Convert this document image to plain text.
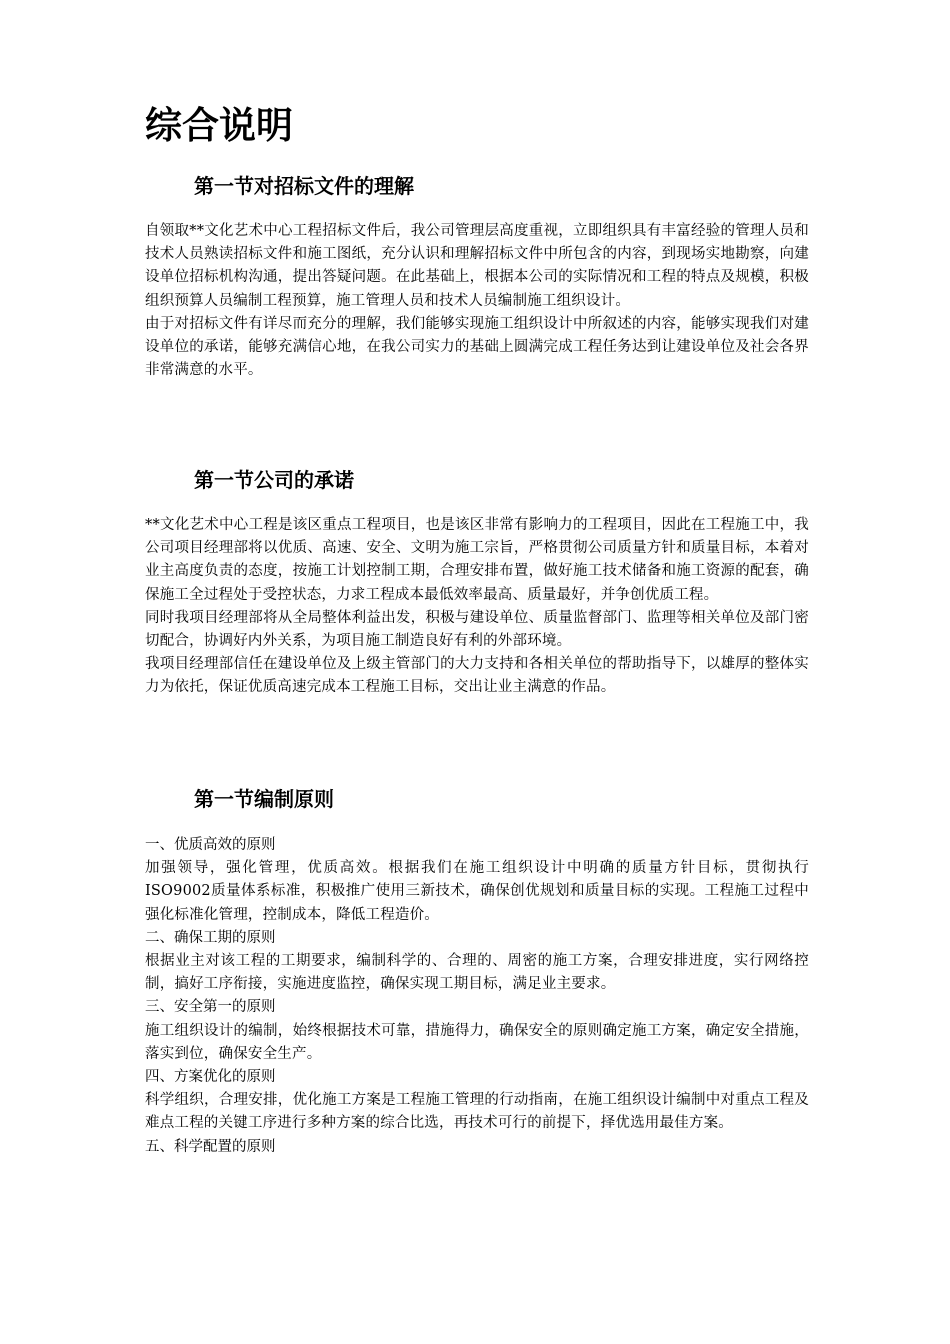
综合说明
第一节对招标文件的理解

自领取**文化艺术中心工程招标文件后，我公司管理层高度重视，立即组织具有丰富经验的管理人员和技术人员熟读招标文件和施工图纸，充分认识和理解招标文件中所包含的内容，到现场实地勘察，向建设单位招标机构沟通，提出答疑问题。在此基础上，根据本公司的实际情况和工程的特点及规模，积极组织预算人员编制工程预算，施工管理人员和技术人员编制施工组织设计。

由于对招标文件有详尽而充分的理解，我们能够实现施工组织设计中所叙述的内容，能够实现我们对建设单位的承诺，能够充满信心地，在我公司实力的基础上圆满完成工程任务达到让建设单位及社会各界非常满意的水平。

第一节公司的承诺

**文化艺术中心工程是该区重点工程项目，也是该区非常有影响力的工程项目，因此在工程施工中，我公司项目经理部将以优质、高速、安全、文明为施工宗旨，严格贯彻公司质量方针和质量目标，本着对业主高度负责的态度，按施工计划控制工期，合理安排布置，做好施工技术储备和施工资源的配套，确保施工全过程处于受控状态，力求工程成本最低效率最高、质量最好，并争创优质工程。

同时我项目经理部将从全局整体利益出发，积极与建设单位、质量监督部门、监理等相关单位及部门密切配合，协调好内外关系，为项目施工制造良好有利的外部环境。

我项目经理部信任在建设单位及上级主管部门的大力支持和各相关单位的帮助指导下，以雄厚的整体实力为依托，保证优质高速完成本工程施工目标，交出让业主满意的作品。

第一节编制原则

一、优质高效的原则

加强领导，强化管理，优质高效。根据我们在施工组织设计中明确的质量方针目标，贯彻执行ISO9002质量体系标准，积极推广使用三新技术，确保创优规划和质量目标的实现。工程施工过程中强化标准化管理，控制成本，降低工程造价。

二、确保工期的原则

根据业主对该工程的工期要求，编制科学的、合理的、周密的施工方案，合理安排进度，实行网络控制，搞好工序衔接，实施进度监控，确保实现工期目标，满足业主要求。

三、安全第一的原则

施工组织设计的编制，始终根据技术可靠，措施得力，确保安全的原则确定施工方案，确定安全措施，落实到位，确保安全生产。

四、方案优化的原则

科学组织，合理安排，优化施工方案是工程施工管理的行动指南，在施工组织设计编制中对重点工程及难点工程的关键工序进行多种方案的综合比选，再技术可行的前提下，择优选用最佳方案。

五、科学配置的原则
